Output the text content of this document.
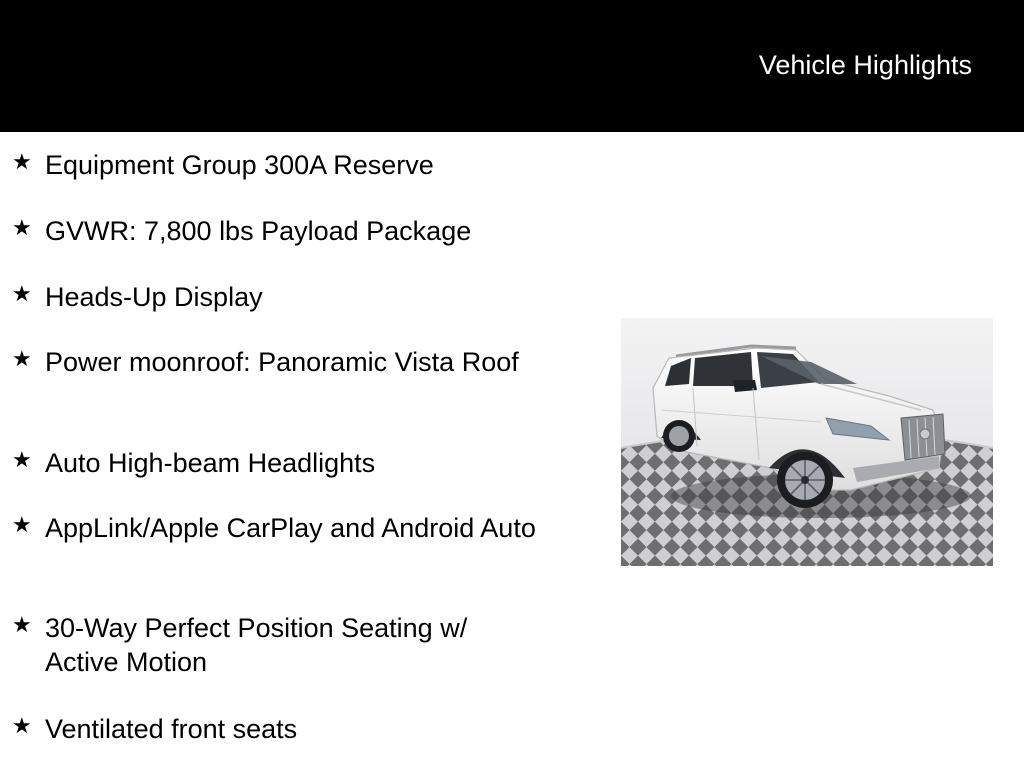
Vehicle Highlights
★ Equipment Group 300A Reserve
★ GVWR: 7,800 lbs Payload Package
★ Heads-Up Display
★ Power moonroof: Panoramic Vista Roof
★ Auto High-beam Headlights
★ AppLink/Apple CarPlay and Android Auto
★ 30-Way Perfect Position Seating w/ Active Motion
★ Ventilated front seats
